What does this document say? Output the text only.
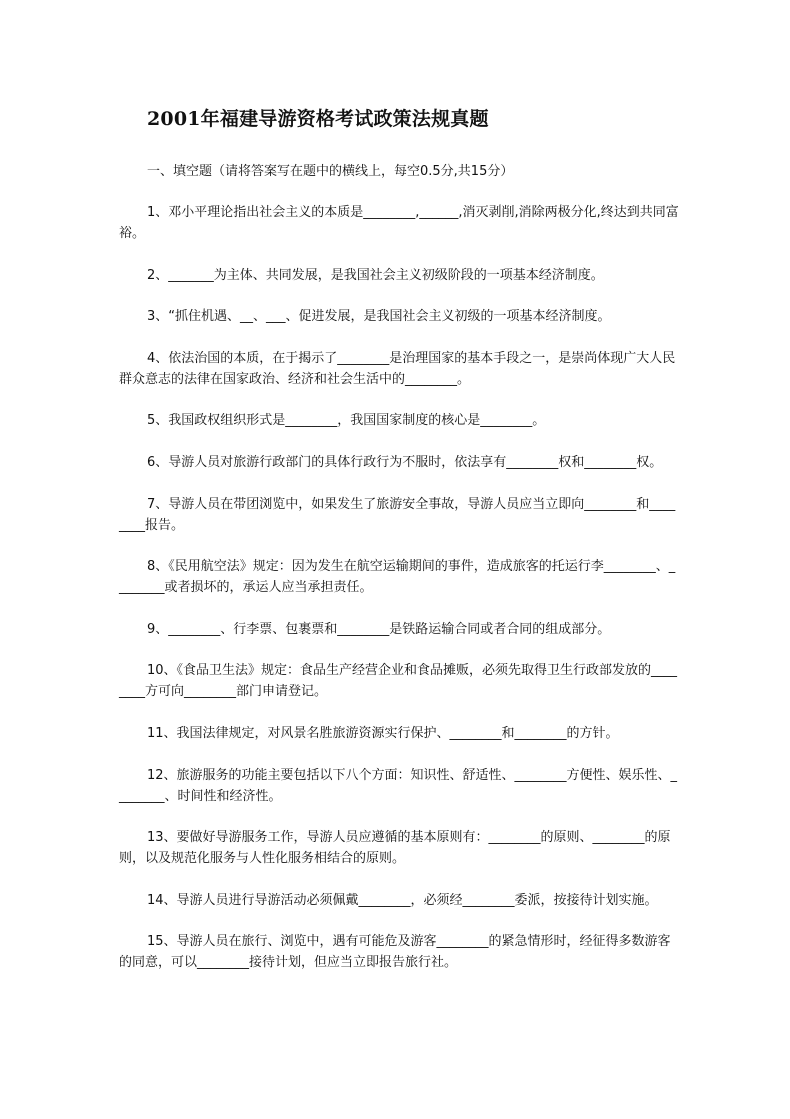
2001年福建导游资格考试政策法规真题
一、填空题（请将答案写在题中的横线上，每空0.5分,共15分）

1、邓小平理论指出社会主义的本质是________,______,消灭剥削,消除两极分化,终达到共同富裕。

2、_______为主体、共同发展，是我国社会主义初级阶段的一项基本经济制度。

3、“抓住机遇、__、___、促进发展，是我国社会主义初级的一项基本经济制度。

4、依法治国的本质，在于揭示了________是治理国家的基本手段之一，是崇尚体现广大人民群众意志的法律在国家政治、经济和社会生活中的________。

5、我国政权组织形式是________，我国国家制度的核心是________。

6、导游人员对旅游行政部门的具体行政行为不服时，依法享有________权和________权。

7、导游人员在带团浏览中，如果发生了旅游安全事故，导游人员应当立即向________和________报告。

8、《民用航空法》规定：因为发生在航空运输期间的事件，造成旅客的托运行李________、________或者损坏的，承运人应当承担责任。

9、________、行李票、包裹票和________是铁路运输合同或者合同的组成部分。

10、《食品卫生法》规定：食品生产经营企业和食品摊贩，必须先取得卫生行政部发放的________方可向________部门申请登记。

11、我国法律规定，对风景名胜旅游资源实行保护、________和________的方针。

12、旅游服务的功能主要包括以下八个方面：知识性、舒适性、________方便性、娱乐性、________、时间性和经济性。

13、要做好导游服务工作，导游人员应遵循的基本原则有：________的原则、________的原则，以及规范化服务与人性化服务相结合的原则。

14、导游人员进行导游活动必须佩戴________，必须经________委派，按接待计划实施。

15、导游人员在旅行、浏览中，遇有可能危及游客________的紧急情形时，经征得多数游客的同意，可以________接待计划，但应当立即报告旅行社。
